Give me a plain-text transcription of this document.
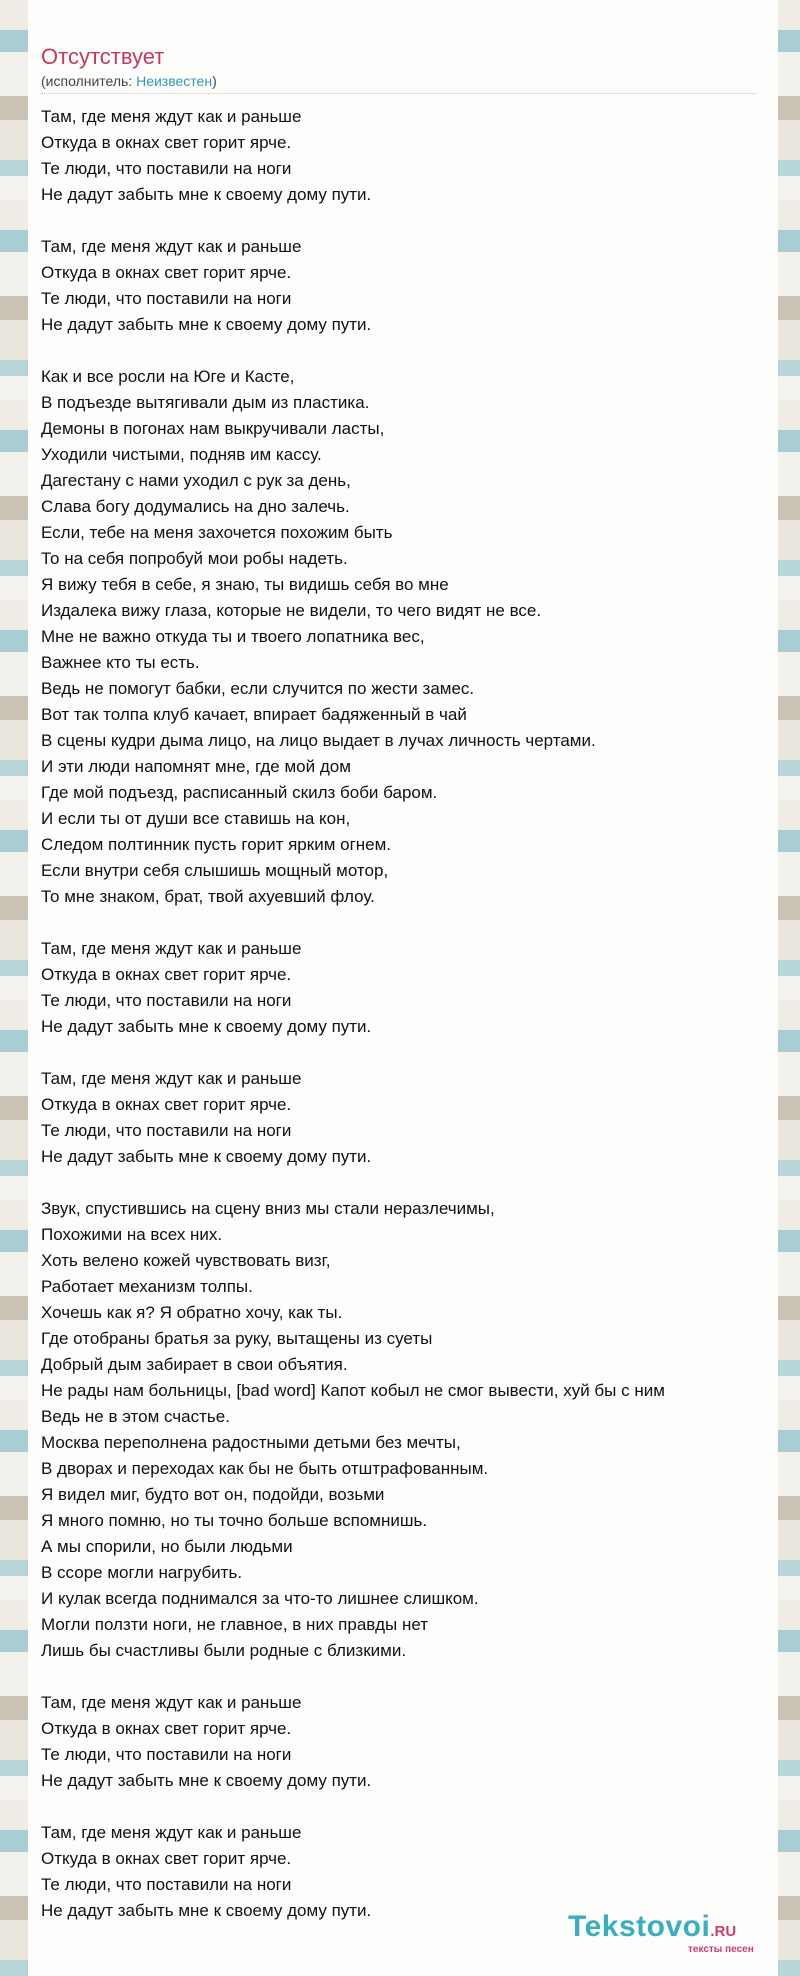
Отсутствует
(исполнитель: Неизвестен)
Там, где меня ждут как и раньше
Откуда в окнах свет горит ярче.
Те люди, что поставили на ноги
Не дадут забыть мне к своему дому пути.
Там, где меня ждут как и раньше
Откуда в окнах свет горит ярче.
Те люди, что поставили на ноги
Не дадут забыть мне к своему дому пути.
Как и все росли на Юге и Касте,
В подъезде вытягивали дым из пластика.
Демоны в погонах нам выкручивали ласты,
Уходили чистыми, подняв им кассу.
Дагестану с нами уходил с рук за день,
Слава богу додумались на дно залечь.
Если, тебе на меня захочется похожим быть
То на себя попробуй мои робы надеть.
Я вижу тебя в себе, я знаю, ты видишь себя во мне
Издалека вижу глаза, которые не видели, то чего видят не все.
Мне не важно откуда ты и твоего лопатника вес,
Важнее кто ты есть.
Ведь не помогут бабки, если случится по жести замес.
Вот так толпа клуб качает, впирает бадяженный в чай
В сцены кудри дыма лицо, на лицо выдает в лучах личность чертами.
И эти люди напомнят мне, где мой дом
Где мой подъезд, расписанный скилз боби баром.
И если ты от души все ставишь на кон,
Следом полтинник пусть горит ярким огнем.
Если внутри себя слышишь мощный мотор,
То мне знаком, брат, твой ахуевший флоу.
Там, где меня ждут как и раньше
Откуда в окнах свет горит ярче.
Те люди, что поставили на ноги
Не дадут забыть мне к своему дому пути.
Там, где меня ждут как и раньше
Откуда в окнах свет горит ярче.
Те люди, что поставили на ноги
Не дадут забыть мне к своему дому пути.
Звук, спустившись на сцену вниз мы стали неразлечимы,
Похожими на всех них.
Хоть велено кожей чувствовать визг,
Работает механизм толпы.
Хочешь как я? Я обратно хочу, как ты.
Где отобраны братья за руку, вытащены из суеты
Добрый дым забирает в свои объятия.
Не рады нам больницы, [bad word] Капот кобыл не смог вывести, хуй бы с ним
Ведь не в этом счастье.
Москва переполнена радостными детьми без мечты,
В дворах и переходах как бы не быть отштрафованным.
Я видел миг, будто вот он, подойди, возьми
Я много помню, но ты точно больше вспомнишь.
А мы спорили, но были людьми
В ссоре могли нагрубить.
И кулак всегда поднимался за что-то лишнее слишком.
Могли ползти ноги, не главное, в них правды нет
Лишь бы счастливы были родные с близкими.
Там, где меня ждут как и раньше
Откуда в окнах свет горит ярче.
Те люди, что поставили на ноги
Не дадут забыть мне к своему дому пути.
Там, где меня ждут как и раньше
Откуда в окнах свет горит ярче.
Те люди, что поставили на ноги
Не дадут забыть мне к своему дому пути.	Tekstovoi.RU
тексты песен
